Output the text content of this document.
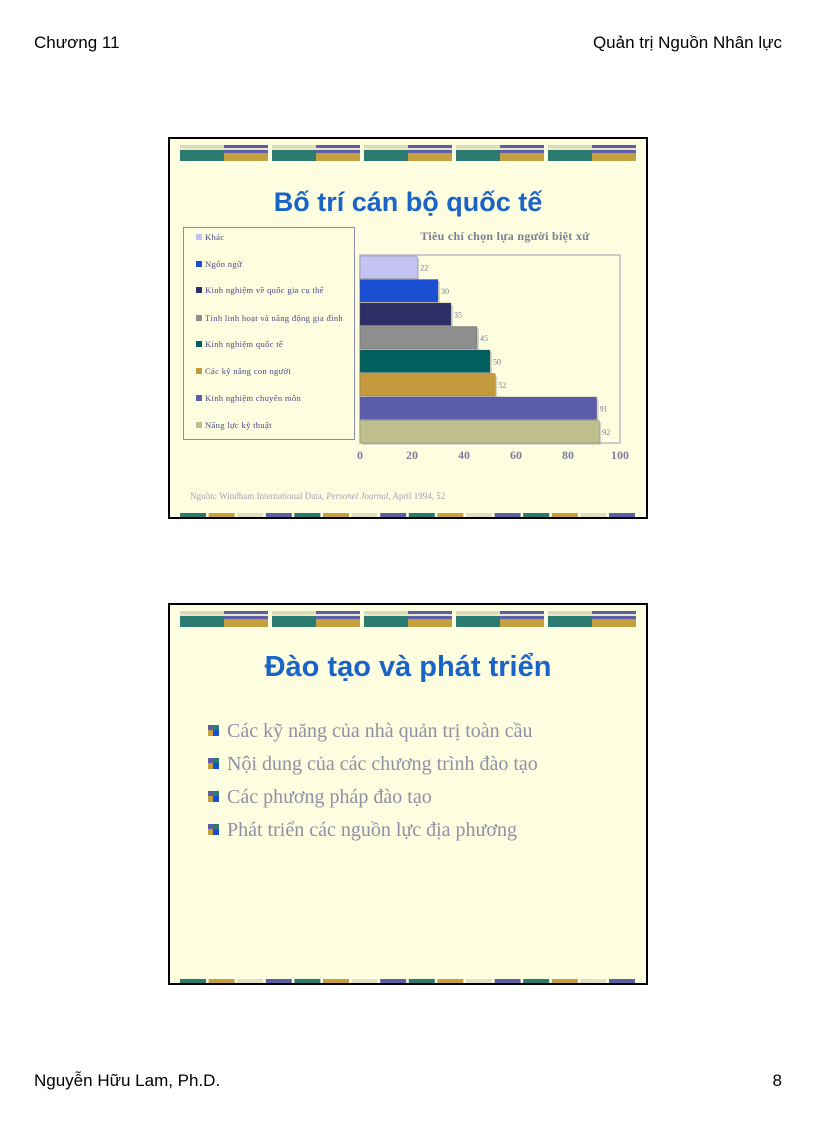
Chương 11	Quản trị Nguồn Nhân lực
Bố trí cán bộ quốc tế
Tiêu chí chọn lựa người biệt xứ
Khác
Ngôn ngữ
Kinh nghiệm về quốc gia cụ thể
Tính linh hoạt và năng động gia đình
Kinh nghiệm quốc tế
Các kỹ năng con người
Kinh nghiệm chuyên môn
Năng lực kỹ thuật
22
30
35
45
50
52
91
92
0	20	40	60	80	100
Nguồn: Windham International Data, Personel Journal, April 1994, 52
Đào tạo và phát triển
Các kỹ năng của nhà quản trị toàn cầu
Nội dung của các chương trình đào tạo
Các phương pháp đào tạo
Phát triển các nguồn lực địa phương
Nguyễn Hữu Lam, Ph.D.	8
